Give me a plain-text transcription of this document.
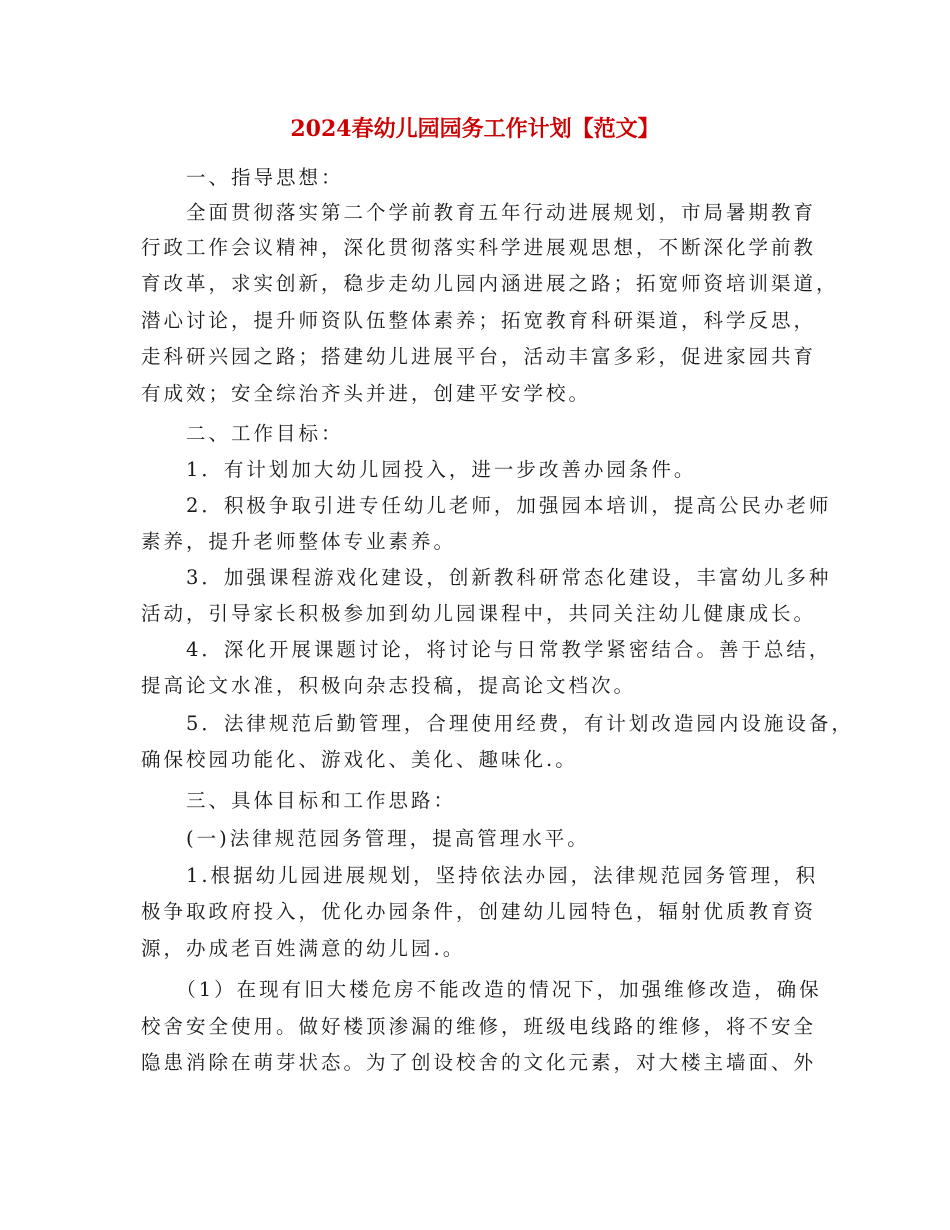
2024春幼儿园园务工作计划【范文】
　　一、指导思想：
　　全面贯彻落实第二个学前教育五年行动进展规划，市局暑期教育
行政工作会议精神，深化贯彻落实科学进展观思想，不断深化学前教
育改革，求实创新，稳步走幼儿园内涵进展之路；拓宽师资培训渠道，
潜心讨论，提升师资队伍整体素养；拓宽教育科研渠道，科学反思，
走科研兴园之路；搭建幼儿进展平台，活动丰富多彩，促进家园共育
有成效；安全综治齐头并进，创建平安学校。
　　二、工作目标：
　　1．有计划加大幼儿园投入，进一步改善办园条件。
　　2．积极争取引进专任幼儿老师，加强园本培训，提高公民办老师
素养，提升老师整体专业素养。
　　3．加强课程游戏化建设，创新教科研常态化建设，丰富幼儿多种
活动，引导家长积极参加到幼儿园课程中，共同关注幼儿健康成长。
　　4．深化开展课题讨论，将讨论与日常教学紧密结合。善于总结，
提高论文水准，积极向杂志投稿，提高论文档次。
　　5．法律规范后勤管理，合理使用经费，有计划改造园内设施设备，
确保校园功能化、游戏化、美化、趣味化.。
　　三、具体目标和工作思路：
　　(一)法律规范园务管理，提高管理水平。
　　1.根据幼儿园进展规划，坚持依法办园，法律规范园务管理，积
极争取政府投入，优化办园条件，创建幼儿园特色，辐射优质教育资
源，办成老百姓满意的幼儿园.。
　　（1）在现有旧大楼危房不能改造的情况下，加强维修改造，确保
校舍安全使用。做好楼顶渗漏的维修，班级电线路的维修，将不安全
隐患消除在萌芽状态。为了创设校舍的文化元素，对大楼主墙面、外
